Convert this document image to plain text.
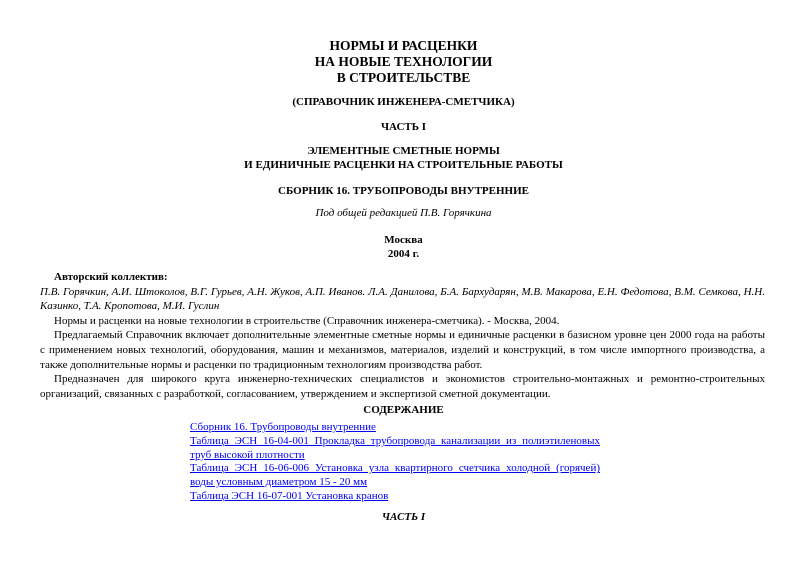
НОРМЫ И РАСЦЕНКИ
НА НОВЫЕ ТЕХНОЛОГИИ
В СТРОИТЕЛЬСТВЕ
(СПРАВОЧНИК ИНЖЕНЕРА-СМЕТЧИКА)
ЧАСТЬ I
ЭЛЕМЕНТНЫЕ СМЕТНЫЕ НОРМЫ
И ЕДИНИЧНЫЕ РАСЦЕНКИ НА СТРОИТЕЛЬНЫЕ РАБОТЫ
СБОРНИК 16. ТРУБОПРОВОДЫ ВНУТРЕННИЕ
Под общей редакцией П.В. Горячкина
Москва
2004 г.

Авторский коллектив:

П.В. Горячкин, А.И. Штоколов, В.Г. Гурьев, А.Н. Жуков, А.П. Иванов. Л.А. Данилова, Б.А. Бархударян, М.В. Макарова, Е.Н. Федотова, В.М. Семкова, Н.Н. Казинко, Т.А. Кропотова, М.И. Гуслин

Нормы и расценки на новые технологии в строительстве (Справочник инженера-сметчика). - Москва, 2004.

Предлагаемый Справочник включает дополнительные элементные сметные нормы и единичные расценки в базисном уровне цен 2000 года на работы с применением новых технологий, оборудования, машин и механизмов, материалов, изделий и конструкций, в том числе импортного производства, а также дополнительные нормы и расценки по традиционным технологиям производства работ.

Предназначен для широкого круга инженерно-технических специалистов и экономистов строительно-монтажных и ремонтно-строительных организаций, связанных с разработкой, согласованием, утверждением и экспертизой сметной документации.

СОДЕРЖАНИЕ
Сборник 16. Трубопроводы внутренние
Таблица ЭСН 16-04-001 Прокладка трубопровода канализации из полиэтиленовых труб высокой плотности
Таблица ЭСН 16-06-006 Установка узла квартирного счетчика холодной (горячей) воды условным диаметром 15 - 20 мм
Таблица ЭСН 16-07-001 Установка кранов
ЧАСТЬ I
